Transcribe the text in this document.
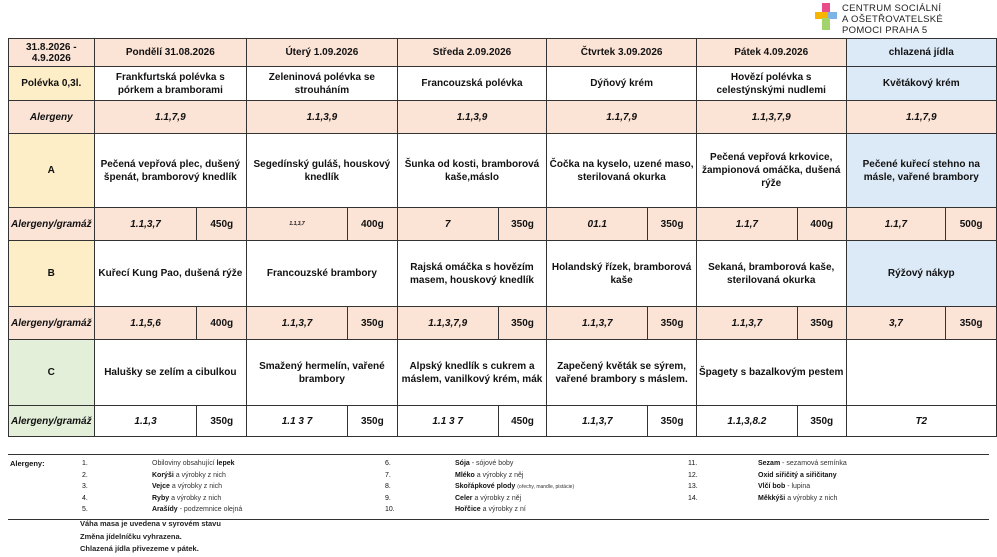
CENTRUM SOCIÁLNÍ
A OŠETŘOVATELSKÉ
POMOCI PRAHA 5
31.8.2026 - 4.9.2026	Pondělí 31.08.2026		Úterý 1.09.2026		Středa 2.09.2026		Čtvrtek 3.09.2026		Pátek 4.09.2026		chlazená jídla	
Polévka 0,3l.	Frankfurtská polévka s pórkem a bramborami		Zeleninová polévka se strouháním		Francouzská polévka		Dýňový krém		Hovězí polévka s celestýnskými nudlemi		Květákový krém	
Alergeny	1.1,7,9		1.1,3,9		1.1,3,9		1.1,7,9		1.1,3,7,9		1.1,7,9	
A	Pečená vepřová plec, dušený špenát, bramborový knedlík		Segedínský guláš, houskový knedlík		Šunka od kosti, bramborová kaše,máslo		Čočka na kyselo, uzené maso, sterilovaná okurka		Pečená vepřová krkovice, žampionová omáčka, dušená rýže		Pečené kuřecí stehno na másle, vařené brambory	
Alergeny/gramáž	1.1,3,7	450g	1.1,3,7	400g	7	350g	01.1	350g	1.1,7	400g	1.1,7	500g
B	Kuřecí Kung Pao, dušená rýže		Francouzské brambory		Rajská omáčka s hovězím masem, houskový knedlík		Holandský řízek, bramborová kaše		Sekaná, bramborová kaše, sterilovaná okurka		Rýžový nákyp	
Alergeny/gramáž	1.1,5,6	400g	1.1,3,7	350g	1.1,3,7,9	350g	1.1,3,7	350g	1.1,3,7	350g	3,7	350g
C	Halušky se zelím a cibulkou		Smažený hermelín, vařené brambory		Alpský knedlík s cukrem a máslem, vanilkový krém, mák		Zapečený květák se sýrem, vařené brambory s máslem.		Špagety s bazalkovým pestem			
Alergeny/gramáž	1.1,3	350g	1.1 3 7	350g	1.1 3 7	450g	1.1,3,7	350g	1.1,3,8.2	350g	T2	
Alergeny:	1.	Obiloviny obsahující lepek
2.	Korýši a výrobky z nich
3.	Vejce a výrobky z nich
4.	Ryby a výrobky z nich
5.	Arašídy - podzemnice olejná
6.	Sója - sójové boby
7.	Mléko a výrobky z něj
8.	Skořápkové plody (ořechy, mandle, pistácie)
9.	Celer a výrobky z něj
10.	Hořčice a výrobky z ní
11.	Sezam - sezamová semínka
12.	Oxid siřičitý a siřičitany
13.	Vlčí bob - lupina
14.	Měkkýši a výrobky z nich
Váha masa je uvedena v syrovém stavu
Změna jídelníčku vyhrazena.
Chlazená jídla přivezeme v pátek.
